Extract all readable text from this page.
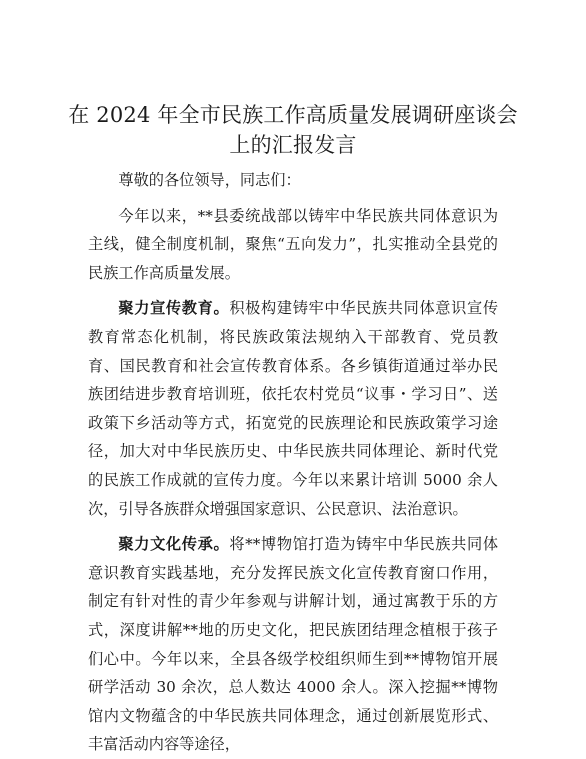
在 2024 年全市民族工作高质量发展调研座谈会上的汇报发言

尊敬的各位领导，同志们：

今年以来，**县委统战部以铸牢中华民族共同体意识为主线，健全制度机制，聚焦“五向发力”，扎实推动全县党的民族工作高质量发展。

聚力宣传教育。积极构建铸牢中华民族共同体意识宣传教育常态化机制，将民族政策法规纳入干部教育、党员教育、国民教育和社会宣传教育体系。各乡镇街道通过举办民族团结进步教育培训班，依托农村党员“议事・学习日”、送政策下乡活动等方式，拓宽党的民族理论和民族政策学习途径，加大对中华民族历史、中华民族共同体理论、新时代党的民族工作成就的宣传力度。今年以来累计培训 5000 余人次，引导各族群众增强国家意识、公民意识、法治意识。

聚力文化传承。将**博物馆打造为铸牢中华民族共同体意识教育实践基地，充分发挥民族文化宣传教育窗口作用，制定有针对性的青少年参观与讲解计划，通过寓教于乐的方式，深度讲解**地的历史文化，把民族团结理念植根于孩子们心中。今年以来，全县各级学校组织师生到**博物馆开展研学活动 30 余次，总人数达 4000 余人。深入挖掘**博物馆内文物蕴含的中华民族共同体理念，通过创新展览形式、丰富活动内容等途径，
